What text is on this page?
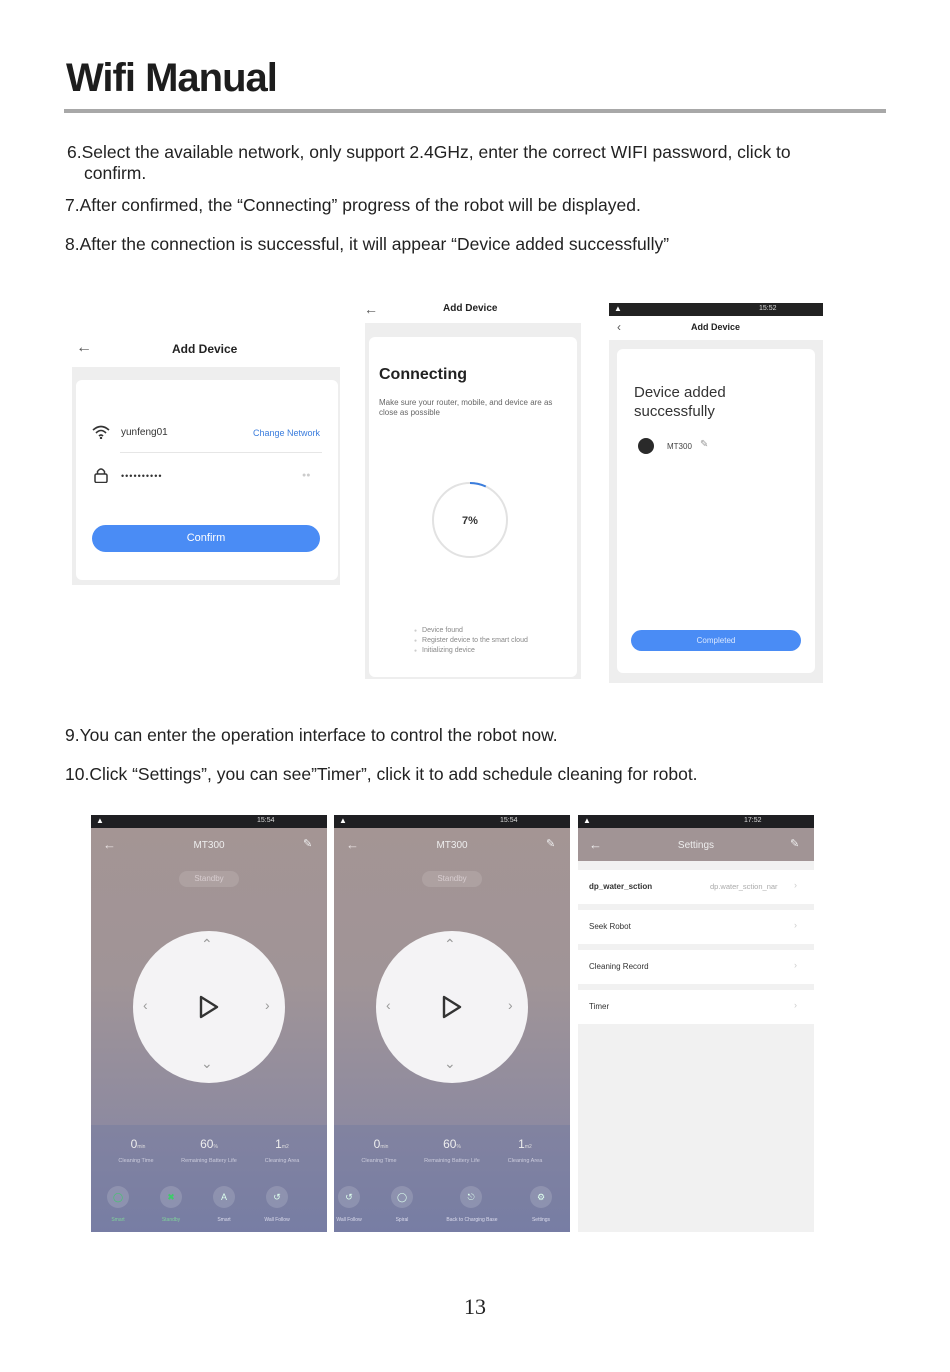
Wifi Manual
6.Select the available network, only support 2.4GHz, enter the correct WIFI password, click to
confirm.
7.After confirmed, the “Connecting” progress of the robot will be displayed.
8.After the connection is successful, it will appear “Device added successfully”
←	Add Device
yunfeng01	Change Network
••••••••••	●●
Confirm
←	Add Device
Connecting
Make sure your router, mobile, and device are as close as possible
7%
● Device found
● Register device to the smart cloud
● Initializing device
▲	15:52
‹	Add Device
Device added successfully
MT300 ✎
Completed
9.You can enter the operation interface to control the robot now.
10.Click “Settings”, you can see”Timer”, click it to add schedule cleaning for robot.
▲	15:54
←	MT300	✎
Standby
⌃
⌄
‹	›
0min	60%	1m2
Cleaning Time	Remaining Battery Life	Cleaning Area
◯	✖	A	↺
Smart	Standby	Smart	Wall Follow
▲	15:54
←	MT300	✎
Standby
⌃
⌄
‹	›
0min	60%	1m2
Cleaning Time	Remaining Battery Life	Cleaning Area
↺	◯	⎋	⚙
Wall Follow	Spiral	Back to Charging Base	Settings
▲	17:52
←	Settings	✎
dp_water_sction	dp.water_sction_nar ›
Seek Robot	›
Cleaning Record	›
Timer	›
13
